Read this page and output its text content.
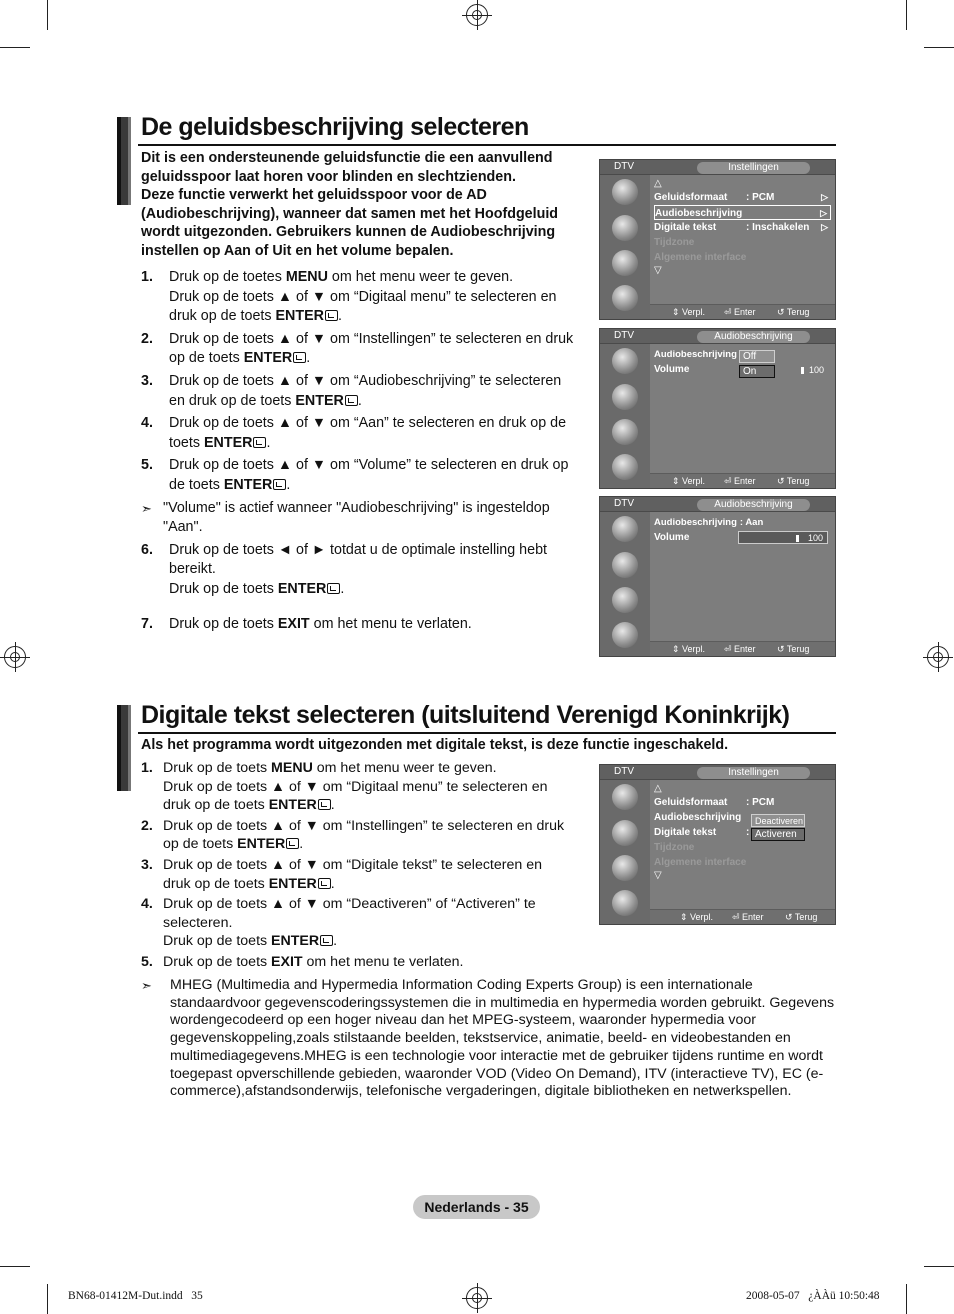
De geluidsbeschrijving selecteren
Dit is een ondersteunende geluidsfunctie die een aanvullend
geluidsspoor laat horen voor blinden en slechtzienden.
Deze functie verwerkt het geluidsspoor voor de AD
(Audiobeschrijving), wanneer dat samen met het Hoofdgeluid
wordt uitgezonden. Gebruikers kunnen de Audiobeschrijving
instellen op Aan of Uit en het volume bepalen.
1.	Druk op de toetes MENU om het menu weer te geven.
Druk op de toets ▲ of ▼ om “Digitaal menu” te selecteren en
druk op de toets ENTER .
2.	Druk op de toets ▲ of ▼ om “Instellingen” te selecteren en druk
op de toets ENTER .
3.	Druk op de toets ▲ of ▼ om “Audiobeschrijving” te selecteren
en druk op de toets ENTER .
4.	Druk op de toets ▲ of ▼ om “Aan” te selecteren en druk op de
toets ENTER .
5.	Druk op de toets ▲ of ▼ om “Volume” te selecteren en druk op
de toets ENTER .
➣ "Volume" is actief wanneer "Audiobeschrijving" is ingesteldop "Aan".
6.	Druk op de toets ◄ of ► totdat u de optimale instelling hebt
bereikt.
Druk op de toets ENTER .
7.	Druk op de toets EXIT om het menu te verlaten.
DTV	Instellingen
△
Geluidsformaat : PCM	▷
Audiobeschrijving	▷
Digitale tekst	: Inschakelen ▷
Tijdzone
Algemene interface
▽
⇕ Verpl. ⏎ Enter ↺ Terug
DTV	Audiobeschrijving
Audiobeschrijving
Volume
Off
On	100
⇕ Verpl. ⏎ Enter ↺ Terug
DTV	Audiobeschrijving
Audiobeschrijving : Aan
Volume	100
⇕ Verpl. ⏎ Enter ↺ Terug
Digitale tekst selecteren (uitsluitend Verenigd Koninkrijk)
Als het programma wordt uitgezonden met digitale tekst, is deze functie ingeschakeld.
1. Druk op de toets MENU om het menu weer te geven.
Druk op de toets ▲ of ▼ om “Digitaal menu” te selecteren en
druk op de toets ENTER .
2. Druk op de toets ▲ of ▼ om “Instellingen” te selecteren en druk
op de toets ENTER .
3. Druk op de toets ▲ of ▼ om “Digitale tekst” te selecteren en
druk op de toets ENTER .
4. Druk op de toets ▲ of ▼ om “Deactiveren” of “Activeren” te
selecteren.
Druk op de toets ENTER .
5. Druk op de toets EXIT om het menu te verlaten.
➣	MHEG (Multimedia and Hypermedia Information Coding Experts Group) is een internationale standaardvoor gegevenscoderingssystemen die in multimedia en hypermedia worden gebruikt. Gegevens wordengecodeerd op een hoger niveau dan het MPEG-systeem, waaronder hypermedia voor gegevenskoppeling,zoals stilstaande beelden, tekstservice, animatie, beeld- en videobestanden en multimediagegevens.MHEG is een technologie voor interactie met de gebruiker tijdens runtime en wordt toegepast opverschillende gebieden, waaronder VOD (Video On Demand), ITV (interactieve TV), EC (e-commerce),afstandsonderwijs, telefonische vergaderingen, digitale bibliotheken en netwerkspellen.
DTV	Instellingen
△
Geluidsformaat : PCM
Audiobeschrijving
Digitale tekst	:
Tijdzone
Algemene interface
▽
Deactiveren
Activeren
⇕ Verpl. ⏎ Enter ↺ Terug
Nederlands - 35
BN68-01412M-Dut.indd   35	2008-05-07   ¿ÀÀü 10:50:48
